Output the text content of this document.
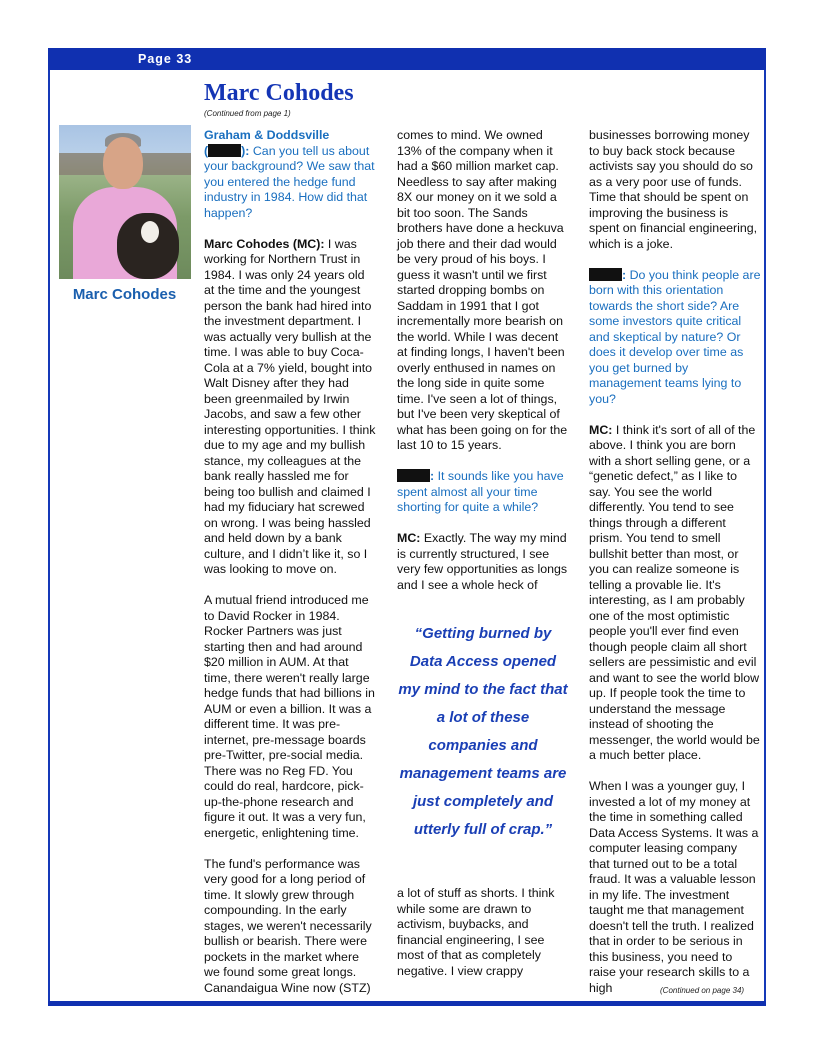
Page 33
Marc Cohodes
(Continued from page 1)
Marc Cohodes

Graham & Doddsville
(	): Can you tell us about your background? We saw that you entered the hedge fund industry in 1984. How did that happen?

Marc Cohodes (MC): I was working for Northern Trust in 1984. I was only 24 years old at the time and the youngest person the bank had hired into the investment department. I was actually very bullish at the time. I was able to buy Coca-Cola at a 7% yield, bought into Walt Disney after they had been greenmailed by Irwin Jacobs, and saw a few other interesting opportunities. I think due to my age and my bullish stance, my colleagues at the bank really hassled me for being too bullish and claimed I had my fiduciary hat screwed on wrong. I was being hassled and held down by a bank culture, and I didn’t like it, so I was looking to move on.

A mutual friend introduced me to David Rocker in 1984. Rocker Partners was just starting then and had around $20 million in AUM. At that time, there weren't really large hedge funds that had billions in AUM or even a billion. It was a different time. It was pre-internet, pre-message boards pre-Twitter, pre-social media. There was no Reg FD. You could do real, hardcore, pick-up-the-phone research and figure it out. It was a very fun, energetic, enlightening time.

The fund's performance was very good for a long period of time. It slowly grew through compounding. In the early stages, we weren't necessarily bullish or bearish. There were pockets in the market where we found some great longs. Canandaigua Wine now (STZ)

comes to mind. We owned 13% of the company when it had a $60 million market cap. Needless to say after making 8X our money on it we sold a bit too soon. The Sands brothers have done a heckuva job there and their dad would be very proud of his boys. I guess it wasn't until we first started dropping bombs on Saddam in 1991 that I got incrementally more bearish on the world. While I was decent at finding longs, I haven't been overly enthused in names on the long side in quite some time. I've seen a lot of things, but I've been very skeptical of what has been going on for the last 10 to 15 years.

: It sounds like you have spent almost all your time shorting for quite a while?

MC: Exactly. The way my mind is currently structured, I see very few opportunities as longs and I see a whole heck of

“Getting burned by Data Access opened my mind to the fact that a lot of these companies and management teams are just completely and utterly full of crap.”

a lot of stuff as shorts. I think while some are drawn to activism, buybacks, and financial engineering, I see most of that as completely negative. I view crappy

businesses borrowing money to buy back stock because activists say you should do so as a very poor use of funds. Time that should be spent on improving the business is spent on financial engineering, which is a joke.

: Do you think people are born with this orientation towards the short side? Are some investors quite critical and skeptical by nature? Or does it develop over time as you get burned by management teams lying to you?

MC: I think it's sort of all of the above. I think you are born with a short selling gene, or a “genetic defect,” as I like to say. You see the world differently. You tend to see things through a different prism. You tend to smell bullshit better than most, or you can realize someone is telling a provable lie. It's interesting, as I am probably one of the most optimistic people you'll ever find even though people claim all short sellers are pessimistic and evil and want to see the world blow up. If people took the time to understand the message instead of shooting the messenger, the world would be a much better place.

When I was a younger guy, I invested a lot of my money at the time in something called Data Access Systems. It was a computer leasing company that turned out to be a total fraud. It was a valuable lesson in my life. The investment taught me that management doesn't tell the truth. I realized that in order to be serious in this business, you need to raise your research skills to a high	(Continued on page 34)
